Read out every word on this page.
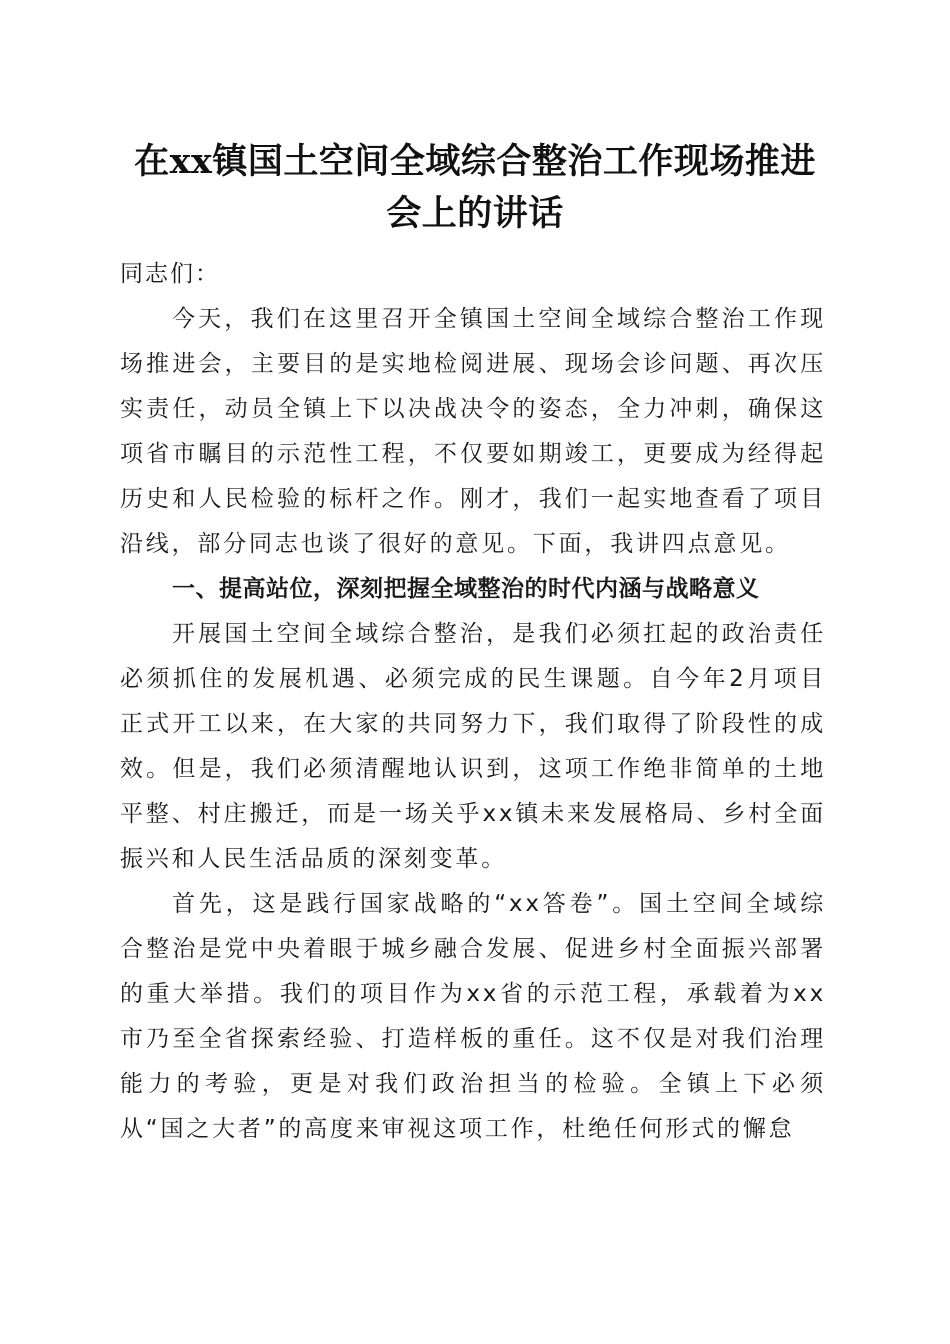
在xx镇国土空间全域综合整治工作现场推进
会上的讲话

同志们：

今天，我们在这里召开全镇国土空间全域综合整治工作现场推进会，主要目的是实地检阅进展、现场会诊问题、再次压实责任，动员全镇上下以决战决令的姿态，全力冲刺，确保这项省市瞩目的示范性工程，不仅要如期竣工，更要成为经得起历史和人民检验的标杆之作。刚才，我们一起实地查看了项目沿线，部分同志也谈了很好的意见。下面，我讲四点意见。

一、提高站位，深刻把握全域整治的时代内涵与战略意义

开展国土空间全域综合整治，是我们必须扛起的政治责任必须抓住的发展机遇、必须完成的民生课题。自今年2月项目正式开工以来，在大家的共同努力下，我们取得了阶段性的成效。但是，我们必须清醒地认识到，这项工作绝非简单的土地平整、村庄搬迁，而是一场关乎xx镇未来发展格局、乡村全面振兴和人民生活品质的深刻变革。

首先，这是践行国家战略的“xx答卷”。国土空间全域综合整治是党中央着眼于城乡融合发展、促进乡村全面振兴部署的重大举措。我们的项目作为xx省的示范工程，承载着为xx市乃至全省探索经验、打造样板的重任。这不仅是对我们治理能力的考验，更是对我们政治担当的检验。全镇上下必须从“国之大者”的高度来审视这项工作，杜绝任何形式的懈怠
